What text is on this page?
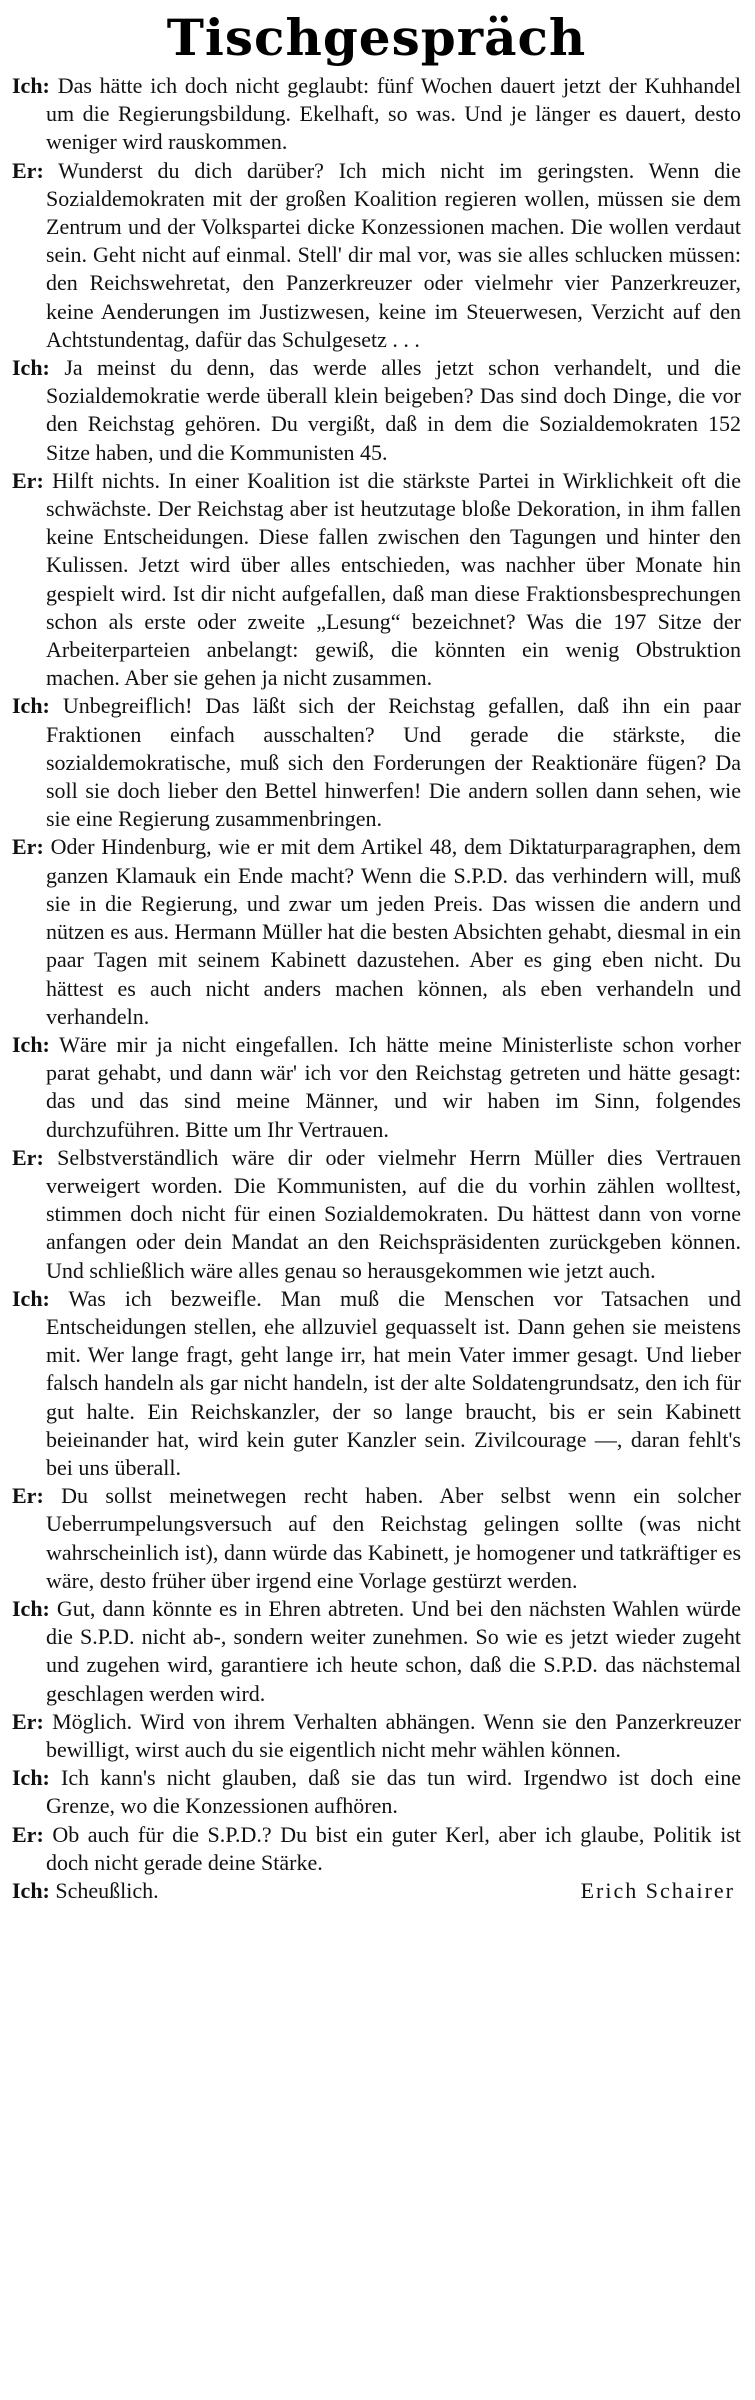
Tischgespräch

Ich: Das hätte ich doch nicht geglaubt: fünf Wochen dauert jetzt der Kuhhandel um die Regierungsbildung. Ekelhaft, so was. Und je länger es dauert, desto weniger wird rauskommen.

Er: Wunderst du dich darüber? Ich mich nicht im geringsten. Wenn die Sozialdemokraten mit der großen Koalition regieren wollen, müssen sie dem Zentrum und der Volkspartei dicke Konzessionen machen. Die wollen verdaut sein. Geht nicht auf einmal. Stell' dir mal vor, was sie alles schlucken müssen: den Reichswehretat, den Panzerkreuzer oder vielmehr vier Panzerkreuzer, keine Aenderungen im Justizwesen, keine im Steuerwesen, Verzicht auf den Achtstundentag, dafür das Schulgesetz . . .

Ich: Ja meinst du denn, das werde alles jetzt schon verhandelt, und die Sozialdemokratie werde überall klein beigeben? Das sind doch Dinge, die vor den Reichstag gehören. Du vergißt, daß in dem die Sozialdemokraten 152 Sitze haben, und die Kommunisten 45.

Er: Hilft nichts. In einer Koalition ist die stärkste Partei in Wirklichkeit oft die schwächste. Der Reichstag aber ist heutzutage bloße Dekoration, in ihm fallen keine Entscheidungen. Diese fallen zwischen den Tagungen und hinter den Kulissen. Jetzt wird über alles entschieden, was nachher über Monate hin gespielt wird. Ist dir nicht aufgefallen, daß man diese Fraktionsbesprechungen schon als erste oder zweite „Lesung“ bezeichnet? Was die 197 Sitze der Arbeiterparteien anbelangt: gewiß, die könnten ein wenig Obstruktion machen. Aber sie gehen ja nicht zusammen.

Ich: Unbegreiflich! Das läßt sich der Reichstag gefallen, daß ihn ein paar Fraktionen einfach ausschalten? Und gerade die stärkste, die sozialdemokratische, muß sich den Forderungen der Reaktionäre fügen? Da soll sie doch lieber den Bettel hinwerfen! Die andern sollen dann sehen, wie sie eine Regierung zusammenbringen.

Er: Oder Hindenburg, wie er mit dem Artikel 48, dem Diktaturparagraphen, dem ganzen Klamauk ein Ende macht? Wenn die S.P.D. das verhindern will, muß sie in die Regierung, und zwar um jeden Preis. Das wissen die andern und nützen es aus. Hermann Müller hat die besten Absichten gehabt, diesmal in ein paar Tagen mit seinem Kabinett dazustehen. Aber es ging eben nicht. Du hättest es auch nicht anders machen können, als eben verhandeln und verhandeln.

Ich: Wäre mir ja nicht eingefallen. Ich hätte meine Ministerliste schon vorher parat gehabt, und dann wär' ich vor den Reichstag getreten und hätte gesagt: das und das sind meine Männer, und wir haben im Sinn, folgendes durchzuführen. Bitte um Ihr Vertrauen.

Er: Selbstverständlich wäre dir oder vielmehr Herrn Müller dies Vertrauen verweigert worden. Die Kommunisten, auf die du vorhin zählen wolltest, stimmen doch nicht für einen Sozialdemokraten. Du hättest dann von vorne anfangen oder dein Mandat an den Reichspräsidenten zurückgeben können. Und schließlich wäre alles genau so herausgekommen wie jetzt auch.

Ich: Was ich bezweifle. Man muß die Menschen vor Tatsachen und Entscheidungen stellen, ehe allzuviel gequasselt ist. Dann gehen sie meistens mit. Wer lange fragt, geht lange irr, hat mein Vater immer gesagt. Und lieber falsch handeln als gar nicht handeln, ist der alte Soldatengrundsatz, den ich für gut halte. Ein Reichskanzler, der so lange braucht, bis er sein Kabinett beieinander hat, wird kein guter Kanzler sein. Zivilcourage —, daran fehlt's bei uns überall.

Er: Du sollst meinetwegen recht haben. Aber selbst wenn ein solcher Ueberrumpelungsversuch auf den Reichstag gelingen sollte (was nicht wahrscheinlich ist), dann würde das Kabinett, je homogener und tatkräftiger es wäre, desto früher über irgend eine Vorlage gestürzt werden.

Ich: Gut, dann könnte es in Ehren abtreten. Und bei den nächsten Wahlen würde die S.P.D. nicht ab-, sondern weiter zunehmen. So wie es jetzt wieder zugeht und zugehen wird, garantiere ich heute schon, daß die S.P.D. das nächstemal geschlagen werden wird.

Er: Möglich. Wird von ihrem Verhalten abhängen. Wenn sie den Panzerkreuzer bewilligt, wirst auch du sie eigentlich nicht mehr wählen können.

Ich: Ich kann's nicht glauben, daß sie das tun wird. Irgendwo ist doch eine Grenze, wo die Konzessionen aufhören.

Er: Ob auch für die S.P.D.? Du bist ein guter Kerl, aber ich glaube, Politik ist doch nicht gerade deine Stärke.

Ich: Scheußlich.	Erich Schairer
